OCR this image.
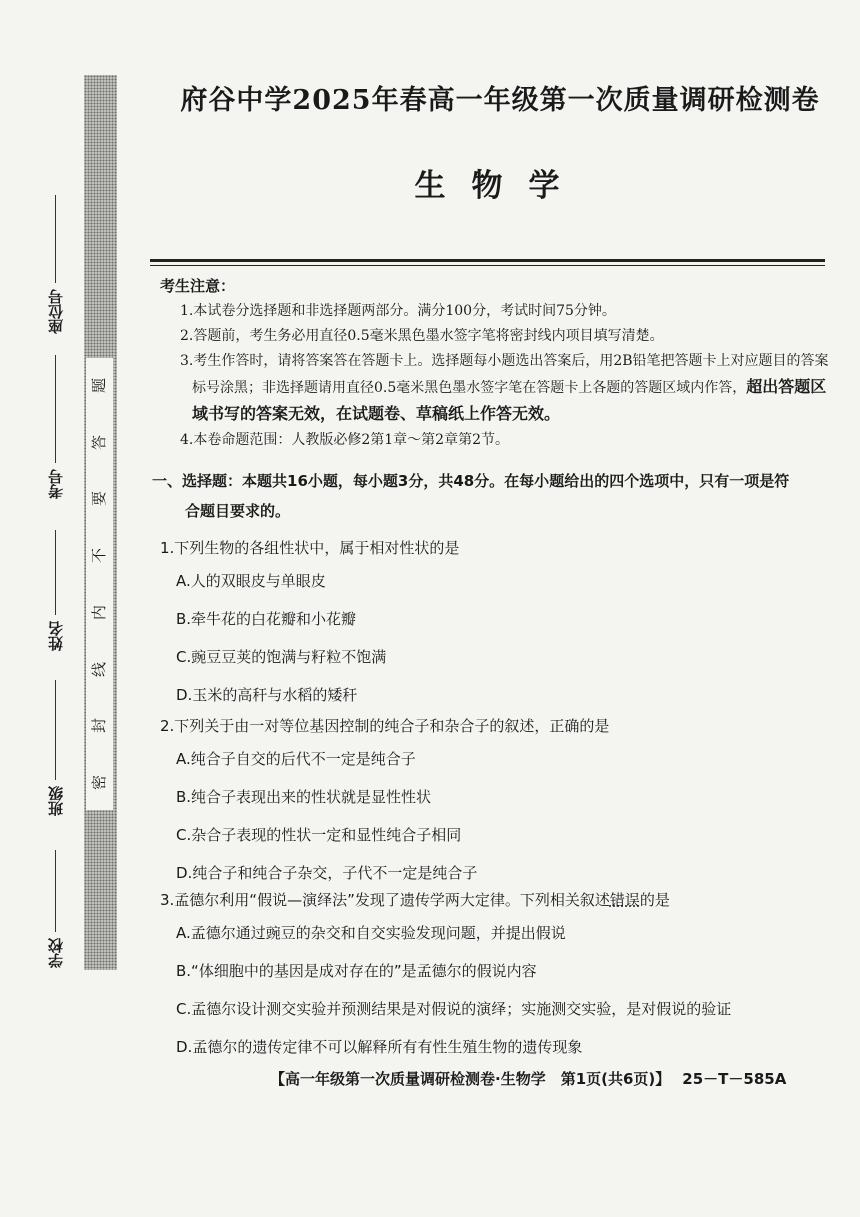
题
答
要
不
内
线
封
密
座位号
考号
姓名
班级
学校
府谷中学2025年春高一年级第一次质量调研检测卷
生物学
考生注意：
1.本试卷分选择题和非选择题两部分。满分100分，考试时间75分钟。
2.答题前，考生务必用直径0.5毫米黑色墨水签字笔将密封线内项目填写清楚。
3.考生作答时，请将答案答在答题卡上。选择题每小题选出答案后，用2B铅笔把答题卡上对应题目的答案标号涂黑；非选择题请用直径0.5毫米黑色墨水签字笔在答题卡上各题的答题区域内作答，超出答题区域书写的答案无效，在试题卷、草稿纸上作答无效。
4.本卷命题范围：人教版必修2第1章～第2章第2节。
一、选择题：本题共16小题，每小题3分，共48分。在每小题给出的四个选项中，只有一项是符
合题目要求的。
1.下列生物的各组性状中，属于相对性状的是
A.人的双眼皮与单眼皮
B.牵牛花的白花瓣和小花瓣
C.豌豆豆荚的饱满与籽粒不饱满
D.玉米的高秆与水稻的矮秆
2.下列关于由一对等位基因控制的纯合子和杂合子的叙述，正确的是
A.纯合子自交的后代不一定是纯合子
B.纯合子表现出来的性状就是显性性状
C.杂合子表现的性状一定和显性纯合子相同
D.纯合子和纯合子杂交，子代不一定是纯合子
3.孟德尔利用“假说—演绎法”发现了遗传学两大定律。下列相关叙述错误的是
A.孟德尔通过豌豆的杂交和自交实验发现问题，并提出假说
B.“体细胞中的基因是成对存在的”是孟德尔的假说内容
C.孟德尔设计测交实验并预测结果是对假说的演绎；实施测交实验，是对假说的验证
D.孟德尔的遗传定律不可以解释所有有性生殖生物的遗传现象
【高一年级第一次质量调研检测卷·生物学　第1页(共6页)】 25－T－585A
